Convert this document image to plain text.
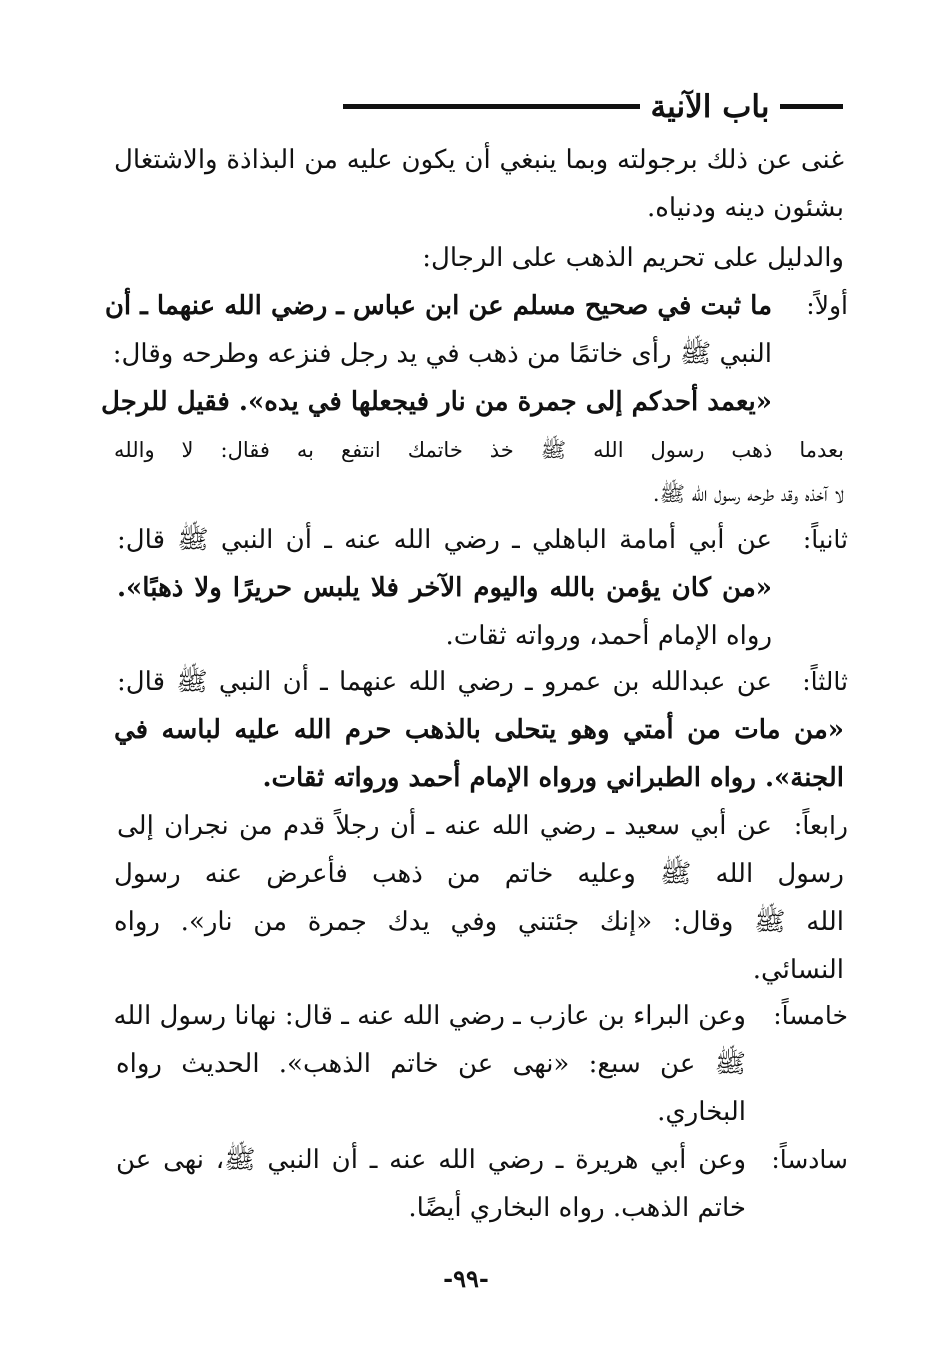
باب الآنية
غنى عن ذلك برجولته وبما ينبغي أن يكون عليه من البذاذة والاشتغال
بشئون دينه ودنياه.
والدليل على تحريم الذهب على الرجال:
أولاً:
ما ثبت في صحيح مسلم عن ابن عباس ـ رضي الله عنهما ـ أن
النبي ﷺ رأى خاتمًا من ذهب في يد رجل فنزعه وطرحه وقال:
«يعمد أحدكم إلى جمرة من نار فيجعلها في يده». فقيل للرجل
بعدما ذهب رسول الله ﷺ خذ خاتمك انتفع به فقال: لا والله
لا آخذه وقد طرحه رسول الله ﷺ.
ثانياً:
عن أبي أمامة الباهلي ـ رضي الله عنه ـ أن النبي ﷺ قال:
«من كان يؤمن بالله واليوم الآخر فلا يلبس حريرًا ولا ذهبًا».
رواه الإمام أحمد، ورواته ثقات.
ثالثاً:
عن عبدالله بن عمرو ـ رضي الله عنهما ـ أن النبي ﷺ قال:
«من مات من أمتي وهو يتحلى بالذهب حرم الله عليه لباسه في
الجنة». رواه الطبراني ورواه الإمام أحمد ورواته ثقات.
رابعاً:
عن أبي سعيد ـ رضي الله عنه ـ أن رجلاً قدم من نجران إلى
رسول الله ﷺ وعليه خاتم من ذهب فأعرض عنه رسول
الله ﷺ وقال: «إنك جئتني وفي يدك جمرة من نار». رواه
النسائي.
خامساً:
وعن البراء بن عازب ـ رضي الله عنه ـ قال: نهانا رسول الله
ﷺ عن سبع: «نهى عن خاتم الذهب». الحديث رواه
البخاري.
سادساً:
وعن أبي هريرة ـ رضي الله عنه ـ أن النبي ﷺ، نهى عن
خاتم الذهب. رواه البخاري أيضًا.
-٩٩-
